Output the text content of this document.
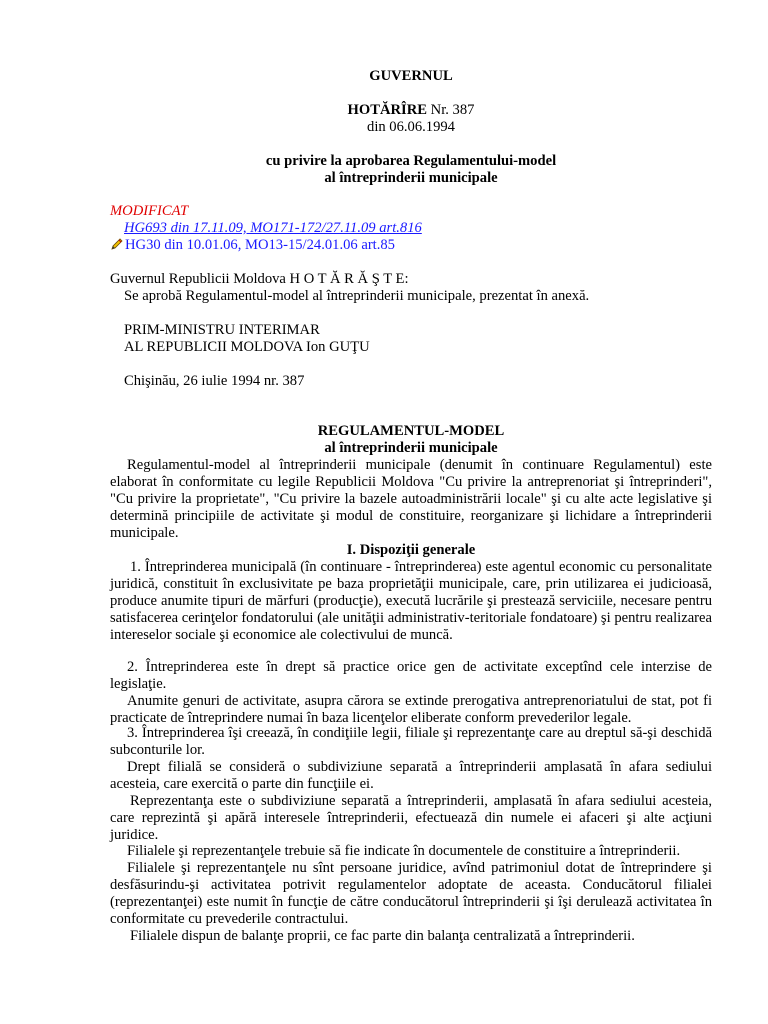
GUVERNUL
HOTĂRÎRE Nr. 387
din 06.06.1994
cu privire la aprobarea Regulamentului-model
al întreprinderii municipale
MODIFICAT
HG693 din 17.11.09, MO171-172/27.11.09 art.816
HG30 din 10.01.06, MO13-15/24.01.06 art.85
Guvernul Republicii Moldova H O T Ă R Ă Ş T E:
Se aprobă Regulamentul-model al întreprinderii municipale, prezentat în anexă.
PRIM-MINISTRU INTERIMAR
AL REPUBLICII MOLDOVA Ion GUŢU
Chişinău, 26 iulie 1994 nr. 387
REGULAMENTUL-MODEL
al întreprinderii municipale
Regulamentul-model al întreprinderii municipale (denumit în continuare Regulamentul) este elaborat în conformitate cu legile Republicii Moldova "Cu privire la antreprenoriat şi întreprinderi", "Cu privire la proprietate", "Cu privire la bazele autoadministrării locale" şi cu alte acte legislative şi determină principiile de activitate şi modul de constituire, reorganizare şi lichidare a întreprinderii municipale.
I. Dispoziţii generale
1. Întreprinderea municipală (în continuare - întreprinderea) este agentul economic cu personalitate juridică, constituit în exclusivitate pe baza proprietăţii municipale, care, prin utilizarea ei judicioasă, produce anumite tipuri de mărfuri (producţie), execută lucrările şi prestează serviciile, necesare pentru satisfacerea cerinţelor fondatorului (ale unităţii administrativ-teritoriale fondatoare) şi pentru realizarea intereselor sociale şi economice ale colectivului de muncă.
2. Întreprinderea este în drept să practice orice gen de activitate exceptînd cele interzise de legislaţie.
Anumite genuri de activitate, asupra cărora se extinde prerogativa antreprenoriatului de stat, pot fi practicate de întreprindere numai în baza licenţelor eliberate conform prevederilor legale.
3. Întreprinderea îşi creează, în condiţiile legii, filiale şi reprezentanţe care au dreptul să-şi deschidă subconturile lor.
Drept filială se consideră o subdiviziune separată a întreprinderii amplasată în afara sediului acesteia, care exercită o parte din funcţiile ei.
Reprezentanţa este o subdiviziune separată a întreprinderii, amplasată în afara sediului acesteia, care reprezintă şi apără interesele întreprinderii, efectuează din numele ei afaceri şi alte acţiuni juridice.
Filialele şi reprezentanţele trebuie să fie indicate în documentele de constituire a întreprinderii.
Filialele şi reprezentanţele nu sînt persoane juridice, avînd patrimoniul dotat de întreprindere şi desfăsurindu-şi activitatea potrivit regulamentelor adoptate de aceasta. Conducătorul filialei (reprezentanţei) este numit în funcţie de către conducătorul întreprinderii şi îşi derulează activitatea în conformitate cu prevederile contractului.
Filialele dispun de balanţe proprii, ce fac parte din balanţa centralizată a întreprinderii.
